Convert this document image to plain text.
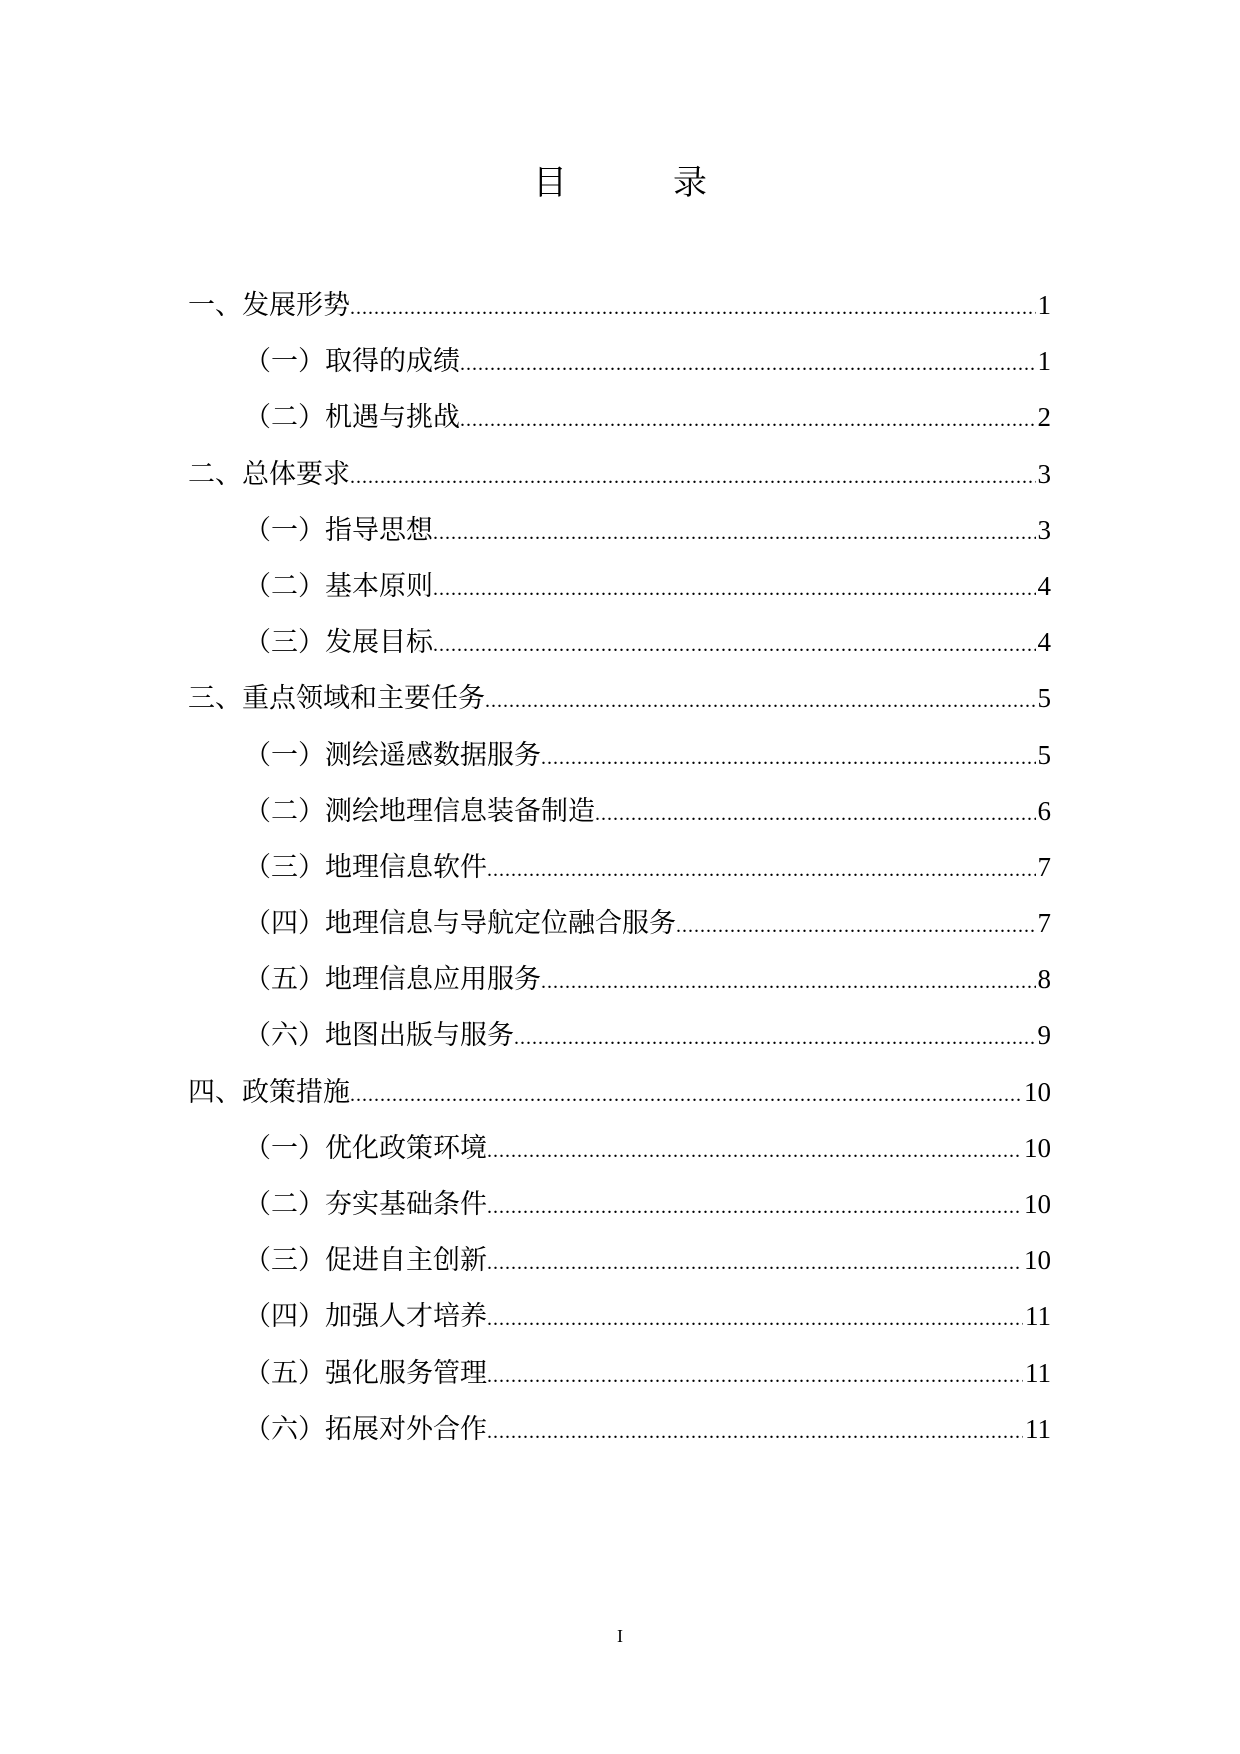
目　录
一、发展形势 .....	1
（一）取得的成绩 .....	1
（二）机遇与挑战 .....	2
二、总体要求 .....	3
（一）指导思想 .....	3
（二）基本原则 .....	4
（三）发展目标 .....	4
三、重点领域和主要任务 .....	5
（一）测绘遥感数据服务 .....	5
（二）测绘地理信息装备制造 .....	6
（三）地理信息软件 .....	7
（四）地理信息与导航定位融合服务 .....	7
（五）地理信息应用服务 .....	8
（六）地图出版与服务 .....	9
四、政策措施 .....	10
（一）优化政策环境 .....	10
（二）夯实基础条件 .....	10
（三）促进自主创新 .....	10
（四）加强人才培养 .....	11
（五）强化服务管理 .....	11
（六）拓展对外合作 .....	11
I
